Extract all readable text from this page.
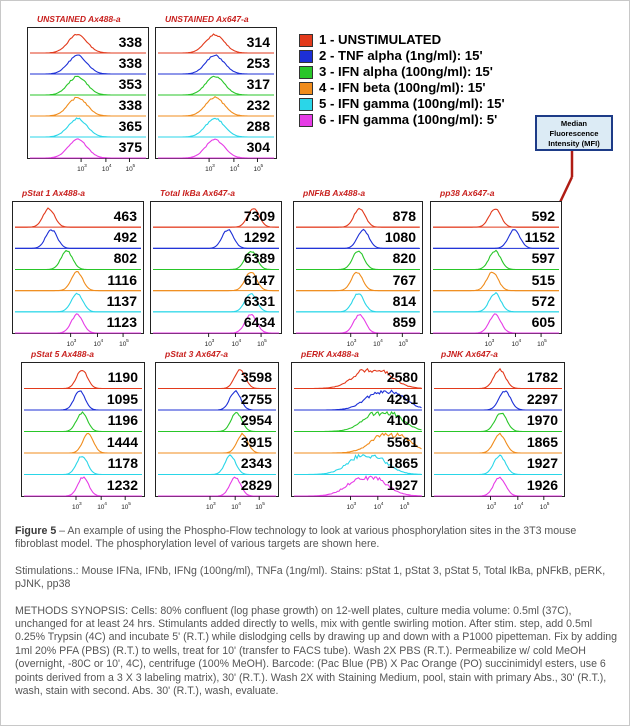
1 - UNSTIMULATED
2 - TNF alpha (1ng/ml): 15'
3 - IFN alpha (100ng/ml): 15'
4 - IFN beta (100ng/ml): 15'
5 - IFN gamma (100ng/ml): 15'
6 - IFN gamma (100ng/ml): 5'	Median Fluorescence Intensity (MFI)
UNSTAINED Ax488-a
10 3 10 4 10 5
338
338
353
338
365
375
UNSTAINED Ax647-a
10 3 10 4 10 5
314
253
317
232
288
304
pStat 1 Ax488-a
10 3	10 4 10 5
463
492
802
1116
1137
1123
Total IkBa Ax647-a
10 3	10 4 10 5
7309
1292
6389
6147
6331
6434
pNFkB Ax488-a
10 3	10 4 10 5
878
1080
820
767
814
859
pp38 Ax647-a
10 3	10 4 10 5
592
1152
597
515
572
605
pStat 5 Ax488-a
10 3 10 4 10 5
1190
1095
1196
1444
1178
1232
pStat 3 Ax647-a
10 3 10 4 10 5
3598
2755
2954
3915
2343
2829
pERK Ax488-a
10 3	10 4	10 5
2580
4291
4100
5561
1865
1927
pJNK Ax647-a
10 3	10 4	10 5
1782
2297
1970
1865
1927
1926

Figure 5 – An example of using the Phospho-Flow technology to look at various phosphorylation sites in the 3T3 mouse fibroblast model. The phosphorylation level of various targets are shown here.

Stimulations.: Mouse IFNa, IFNb, IFNg (100ng/ml), TNFa (1ng/ml). Stains: pStat 1, pStat 3, pStat 5, Total IkBa, pNFkB, pERK, pJNK, pp38

METHODS SYNOPSIS: Cells: 80% confluent (log phase growth) on 12-well plates, culture media volume: 0.5ml (37C), unchanged for at least 24 hrs. Stimulants added directly to wells, mix with gentle swirling motion. After stim. step, add 0.5ml 0.25% Trypsin (4C) and incubate 5' (R.T.) while dislodging cells by drawing up and down with a P1000 pipetteman. Fix by adding 1ml 20% PFA (PBS) (R.T.) to wells, treat for 10' (transfer to FACS tube). Wash 2X PBS (R.T.). Permeabilize w/ cold MeOH (overnight, -80C or 10', 4C), centrifuge (100% MeOH). Barcode: (Pac Blue (PB) X Pac Orange (PO) succinimidyl esters, use 6 points derived from a 3 X 3 labeling matrix), 30' (R.T.). Wash 2X with Staining Medium, pool, stain with primary Abs., 30' (R.T.), wash, stain with second. Abs. 30' (R.T.), wash, evaluate.
